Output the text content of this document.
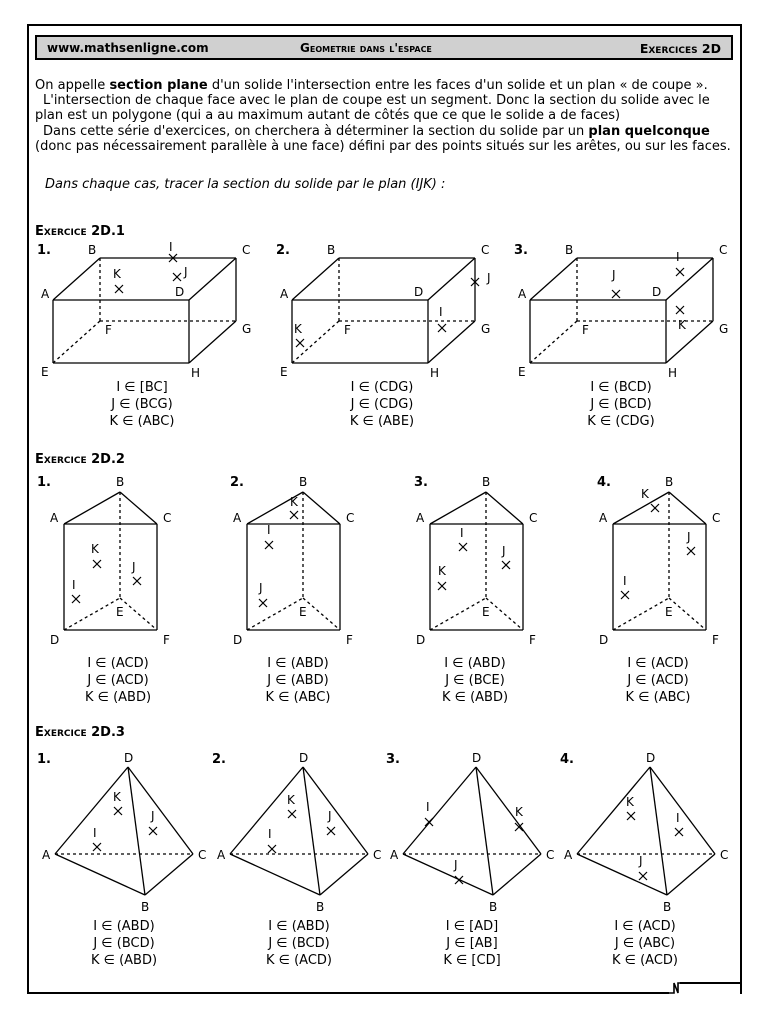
www.mathsenligne.com	Geometrie dans l'espace	Exercices 2D
On appelle section plane d'un solide l'intersection entre les faces d'un solide et un plan « de coupe ».
L'intersection de chaque face avec le plan de coupe est un segment. Donc la section du solide avec le plan est un polygone (qui a au maximum autant de côtés que ce que le solide a de faces)
Dans cette série d'exercices, on cherchera à déterminer la section du solide par un plan quelconque (donc pas nécessairement parallèle à une face) défini par des points situés sur les arêtes, ou sur les faces.
Dans chaque cas, tracer la section du solide par le plan (IJK) :
Exercice 2D.1
Exercice 2D.2
Exercice 2D.3
1.	2.	3.
1.	2.	3.	4.
1.	2.	3.	4.
I ∈ [BC]
J ∈ (BCG)
K ∈ (ABC)
I ∈ (CDG)
J ∈ (CDG)
K ∈ (ABE)
I ∈ (BCD)
J ∈ (BCD)
K ∈ (CDG)
I ∈ (ACD)
J ∈ (ACD)
K ∈ (ABD)
I ∈ (ABD)
J ∈ (ABD)
K ∈ (ABC)
I ∈ (ABD)
J ∈ (BCE)
K ∈ (ABD)
I ∈ (ACD)
J ∈ (ACD)
K ∈ (ABC)
I ∈ (ABD)
J ∈ (BCD)
K ∈ (ABD)
I ∈ (ABD)
J ∈ (BCD)
K ∈ (ACD)
I ∈ [AD]
J ∈ [AB]
K ∈ [CD]
I ∈ (ACD)
J ∈ (ABC)
K ∈ (ACD)
A
B	C
D
E
F	G
H
I
J
K
A
B	C
D
E
F	G
H
I
J
K
A
B	C
D
E
F	G
H
I
J
K
A
B
C
D
E
F
I
J
K
A
B
C
D
E
F
I
J
K
A
B
C
D
E
F
I
J
K
A
B
C
D
E
F
I
J
K
A
B
C
D
I
J
K
A
B
C
D
I
J
K
A
B
C
D
I
J
K
A
B
C
D
I
J
K
